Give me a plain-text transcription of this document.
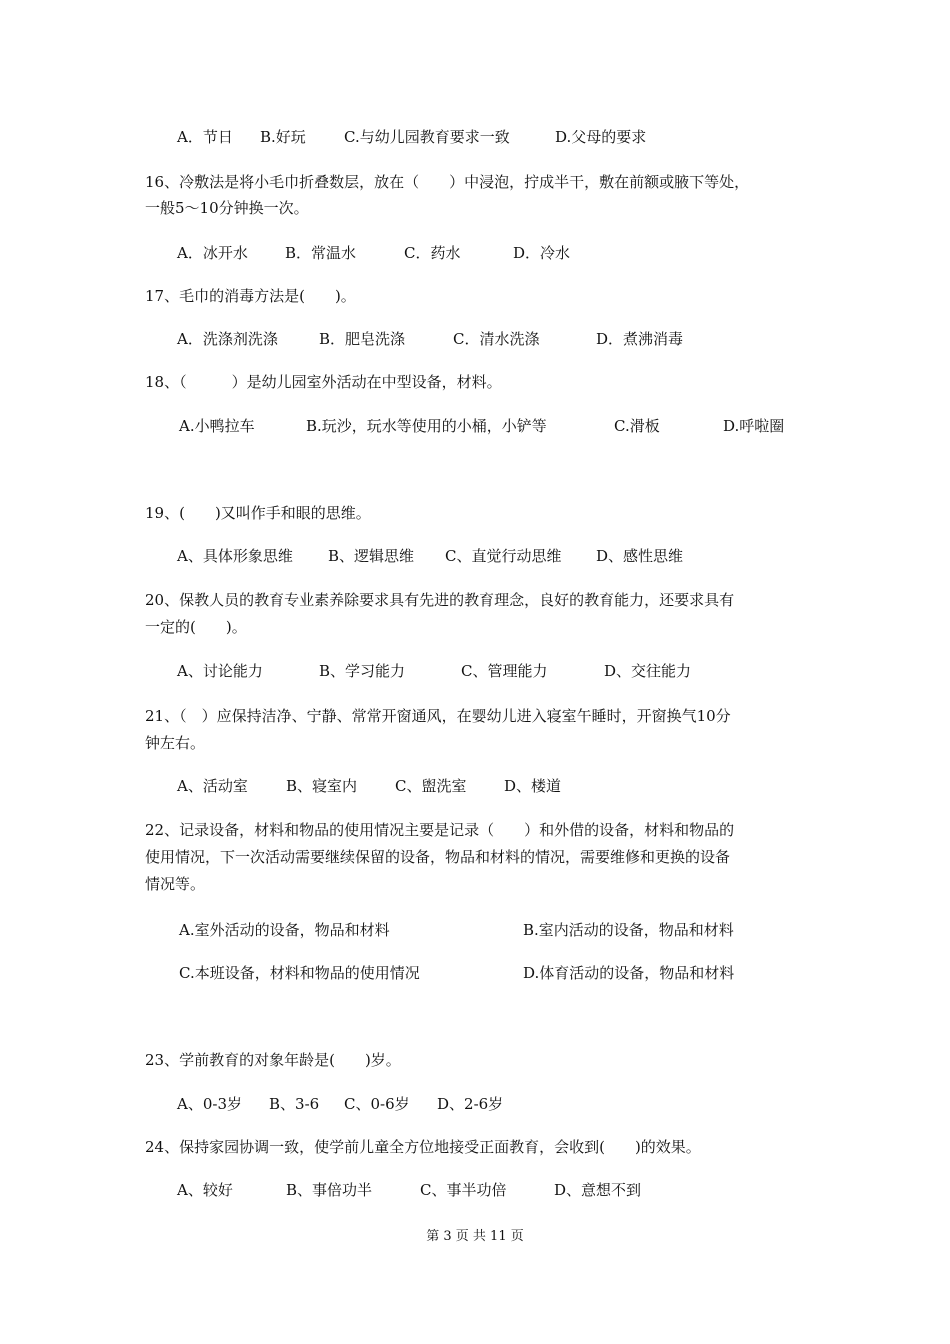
A．节日 B.好玩	C.与幼儿园教育要求一致	D.父母的要求
16、冷敷法是将小毛巾折叠数层，放在（　　）中浸泡，拧成半干，敷在前额或腋下等处，
一般5～10分钟换一次。
A．冰开水 B．常温水	C．药水	D．冷水
17、毛巾的消毒方法是(　　)。
A．洗涤剂洗涤	B．肥皂洗涤	C．清水洗涤	D．煮沸消毒
18、（　　　）是幼儿园室外活动在中型设备，材料。
A.小鸭拉车	B.玩沙，玩水等使用的小桶，小铲等	C.滑板	D.呼啦圈
19、(　　)又叫作手和眼的思维。
A、具体形象思维 B、逻辑思维 C、直觉行动思维 D、感性思维
20、保教人员的教育专业素养除要求具有先进的教育理念，良好的教育能力，还要求具有
一定的(　　)。
A、讨论能力	B、学习能力	C、管理能力	D、交往能力
21、（　）应保持洁净、宁静、常常开窗通风，在婴幼儿进入寝室午睡时，开窗换气10分
钟左右。
A、活动室	B、寝室内	C、盥洗室	D、楼道
22、记录设备，材料和物品的使用情况主要是记录（　　）和外借的设备，材料和物品的
使用情况，下一次活动需要继续保留的设备，物品和材料的情况，需要维修和更换的设备
情况等。
A.室外活动的设备，物品和材料	B.室内活动的设备，物品和材料
C.本班设备，材料和物品的使用情况	D.体育活动的设备，物品和材料
23、学前教育的对象年龄是(　　)岁。
A、0-3岁 B、3-6 C、0-6岁 D、2-6岁
24、保持家园协调一致，使学前儿童全方位地接受正面教育，会收到(　　)的效果。
A、较好	B、事倍功半	C、事半功倍	D、意想不到
第 3 页 共 11 页
